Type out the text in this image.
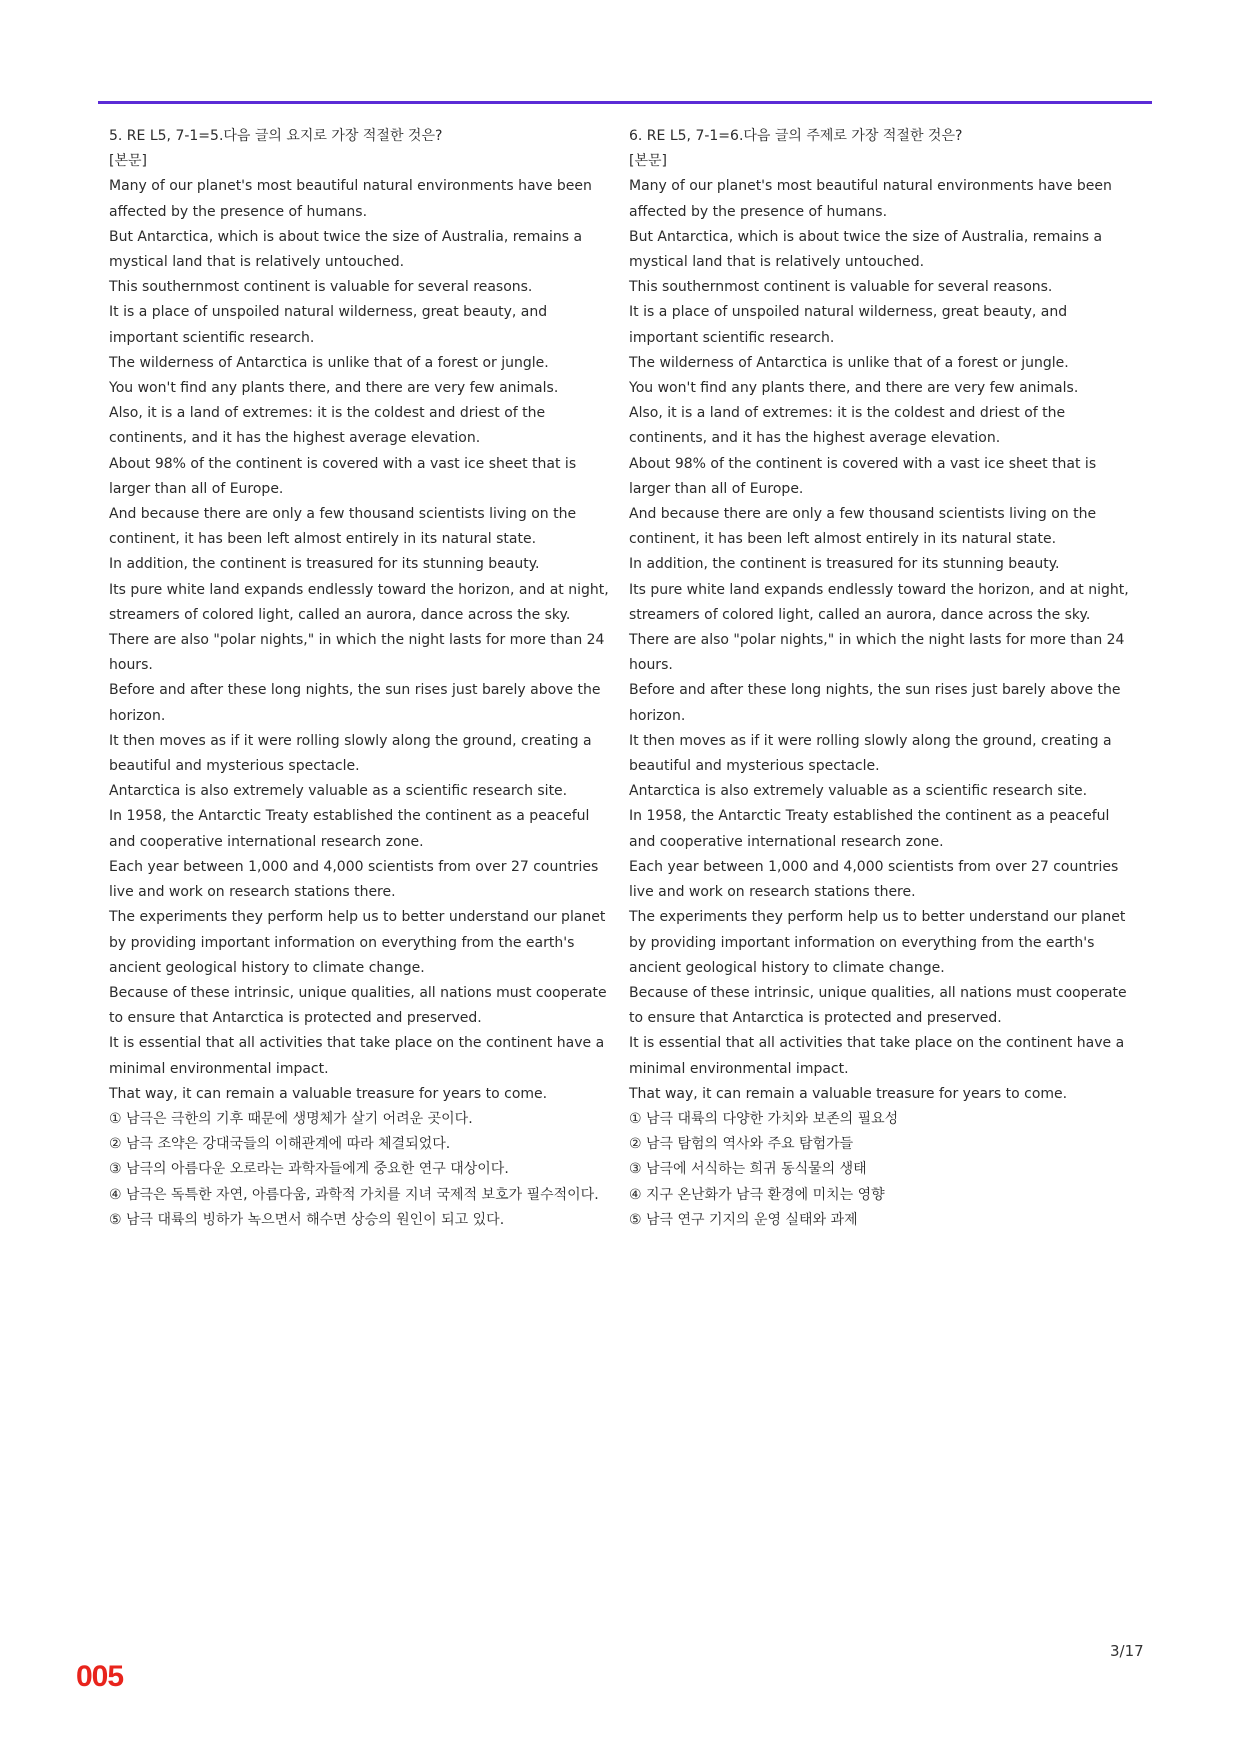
5. RE L5, 7-1=5.다음 글의 요지로 가장 적절한 것은?
[본문]
Many of our planet's most beautiful natural environments have been affected by the presence of humans.
But Antarctica, which is about twice the size of Australia, remains a mystical land that is relatively untouched.
This southernmost continent is valuable for several reasons.
It is a place of unspoiled natural wilderness, great beauty, and important scientific research.
The wilderness of Antarctica is unlike that of a forest or jungle.
You won't find any plants there, and there are very few animals.
Also, it is a land of extremes: it is the coldest and driest of the continents, and it has the highest average elevation.
About 98% of the continent is covered with a vast ice sheet that is larger than all of Europe.
And because there are only a few thousand scientists living on the continent, it has been left almost entirely in its natural state.
In addition, the continent is treasured for its stunning beauty.
Its pure white land expands endlessly toward the horizon, and at night, streamers of colored light, called an aurora, dance across the sky.
There are also "polar nights," in which the night lasts for more than 24 hours.
Before and after these long nights, the sun rises just barely above the horizon.
It then moves as if it were rolling slowly along the ground, creating a beautiful and mysterious spectacle.
Antarctica is also extremely valuable as a scientific research site.
In 1958, the Antarctic Treaty established the continent as a peaceful and cooperative international research zone.
Each year between 1,000 and 4,000 scientists from over 27 countries live and work on research stations there.
The experiments they perform help us to better understand our planet by providing important information on everything from the earth's ancient geological history to climate change.
Because of these intrinsic, unique qualities, all nations must cooperate to ensure that Antarctica is protected and preserved.
It is essential that all activities that take place on the continent have a minimal environmental impact.
That way, it can remain a valuable treasure for years to come.
① 남극은 극한의 기후 때문에 생명체가 살기 어려운 곳이다.
② 남극 조약은 강대국들의 이해관계에 따라 체결되었다.
③ 남극의 아름다운 오로라는 과학자들에게 중요한 연구 대상이다.
④ 남극은 독특한 자연, 아름다움, 과학적 가치를 지녀 국제적 보호가 필수적이다.
⑤ 남극 대륙의 빙하가 녹으면서 해수면 상승의 원인이 되고 있다.
6. RE L5, 7-1=6.다음 글의 주제로 가장 적절한 것은?
[본문]
Many of our planet's most beautiful natural environments have been affected by the presence of humans.
But Antarctica, which is about twice the size of Australia, remains a mystical land that is relatively untouched.
This southernmost continent is valuable for several reasons.
It is a place of unspoiled natural wilderness, great beauty, and important scientific research.
The wilderness of Antarctica is unlike that of a forest or jungle.
You won't find any plants there, and there are very few animals.
Also, it is a land of extremes: it is the coldest and driest of the continents, and it has the highest average elevation.
About 98% of the continent is covered with a vast ice sheet that is larger than all of Europe.
And because there are only a few thousand scientists living on the continent, it has been left almost entirely in its natural state.
In addition, the continent is treasured for its stunning beauty.
Its pure white land expands endlessly toward the horizon, and at night, streamers of colored light, called an aurora, dance across the sky.
There are also "polar nights," in which the night lasts for more than 24 hours.
Before and after these long nights, the sun rises just barely above the horizon.
It then moves as if it were rolling slowly along the ground, creating a beautiful and mysterious spectacle.
Antarctica is also extremely valuable as a scientific research site.
In 1958, the Antarctic Treaty established the continent as a peaceful and cooperative international research zone.
Each year between 1,000 and 4,000 scientists from over 27 countries live and work on research stations there.
The experiments they perform help us to better understand our planet by providing important information on everything from the earth's ancient geological history to climate change.
Because of these intrinsic, unique qualities, all nations must cooperate to ensure that Antarctica is protected and preserved.
It is essential that all activities that take place on the continent have a minimal environmental impact.
That way, it can remain a valuable treasure for years to come.
① 남극 대륙의 다양한 가치와 보존의 필요성
② 남극 탐험의 역사와 주요 탐험가들
③ 남극에 서식하는 희귀 동식물의 생태
④ 지구 온난화가 남극 환경에 미치는 영향
⑤ 남극 연구 기지의 운영 실태와 과제
3/17
005
